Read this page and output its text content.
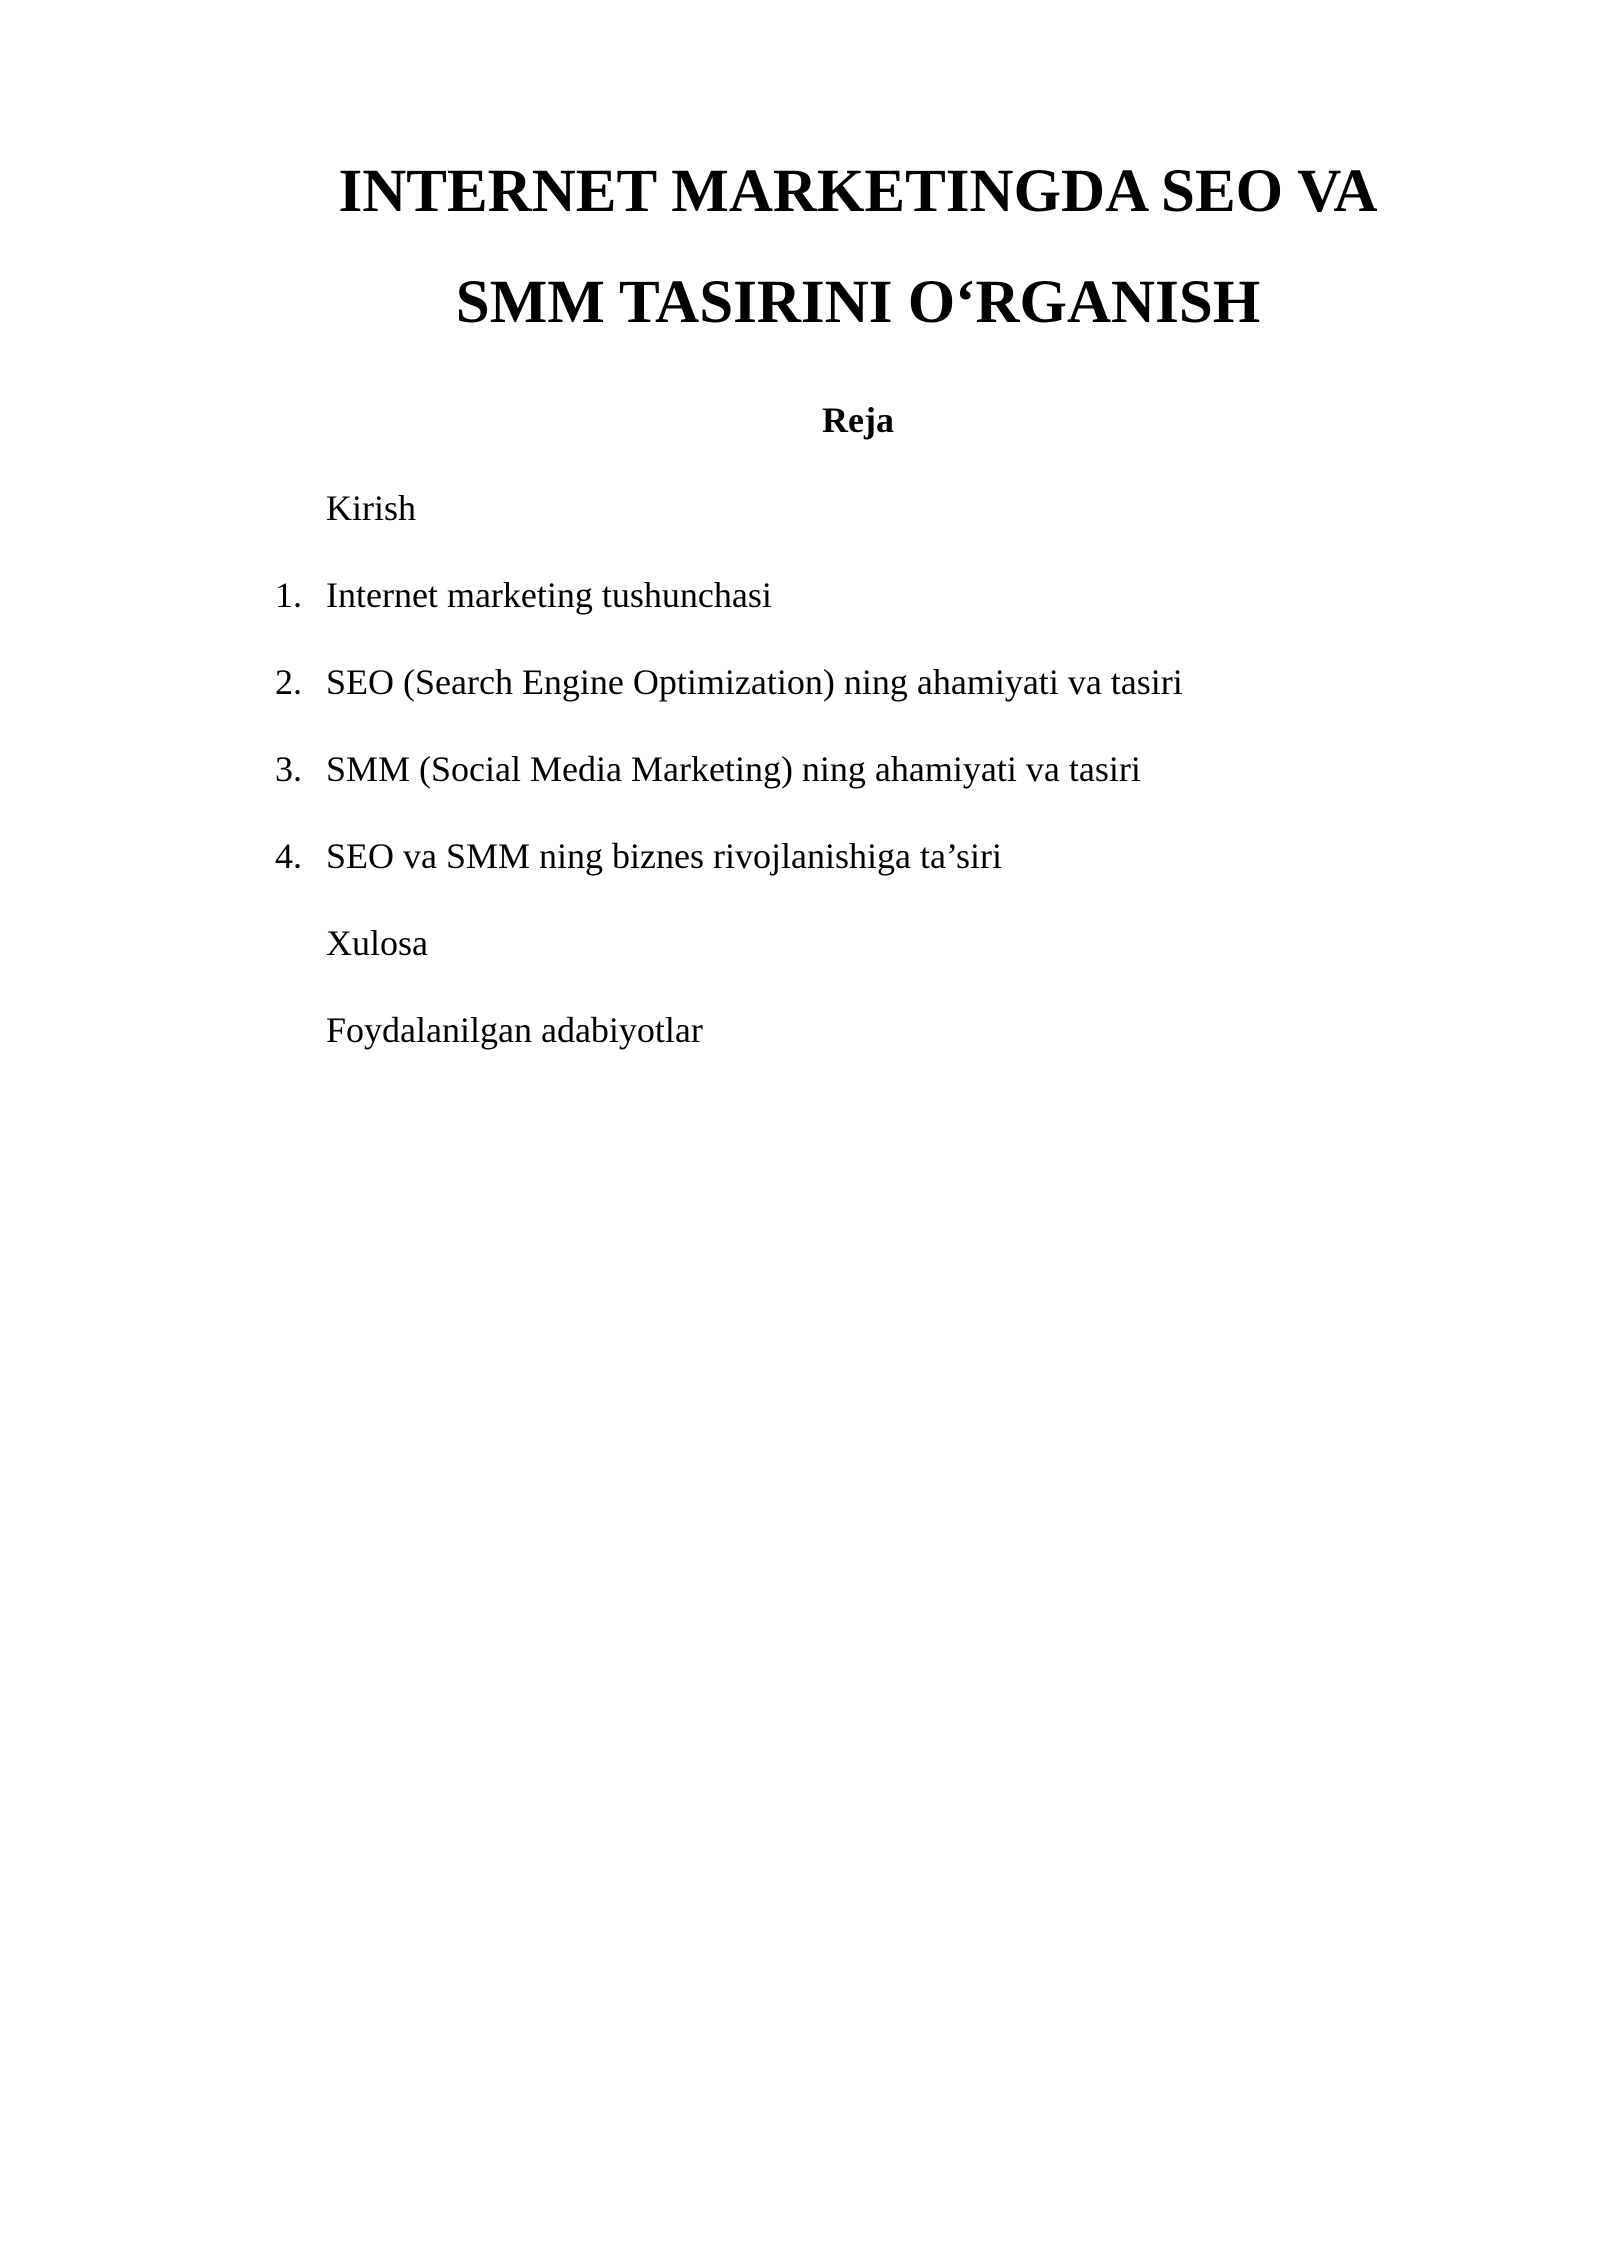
INTERNET MARKETINGDA SEO VA
SMM TASIRINI O‘RGANISH
Reja
Kirish
1. Internet marketing tushunchasi
2. SEO (Search Engine Optimization) ning ahamiyati va tasiri
3. SMM (Social Media Marketing) ning ahamiyati va tasiri
4. SEO va SMM ning biznes rivojlanishiga ta’siri
Xulosa
Foydalanilgan adabiyotlar
